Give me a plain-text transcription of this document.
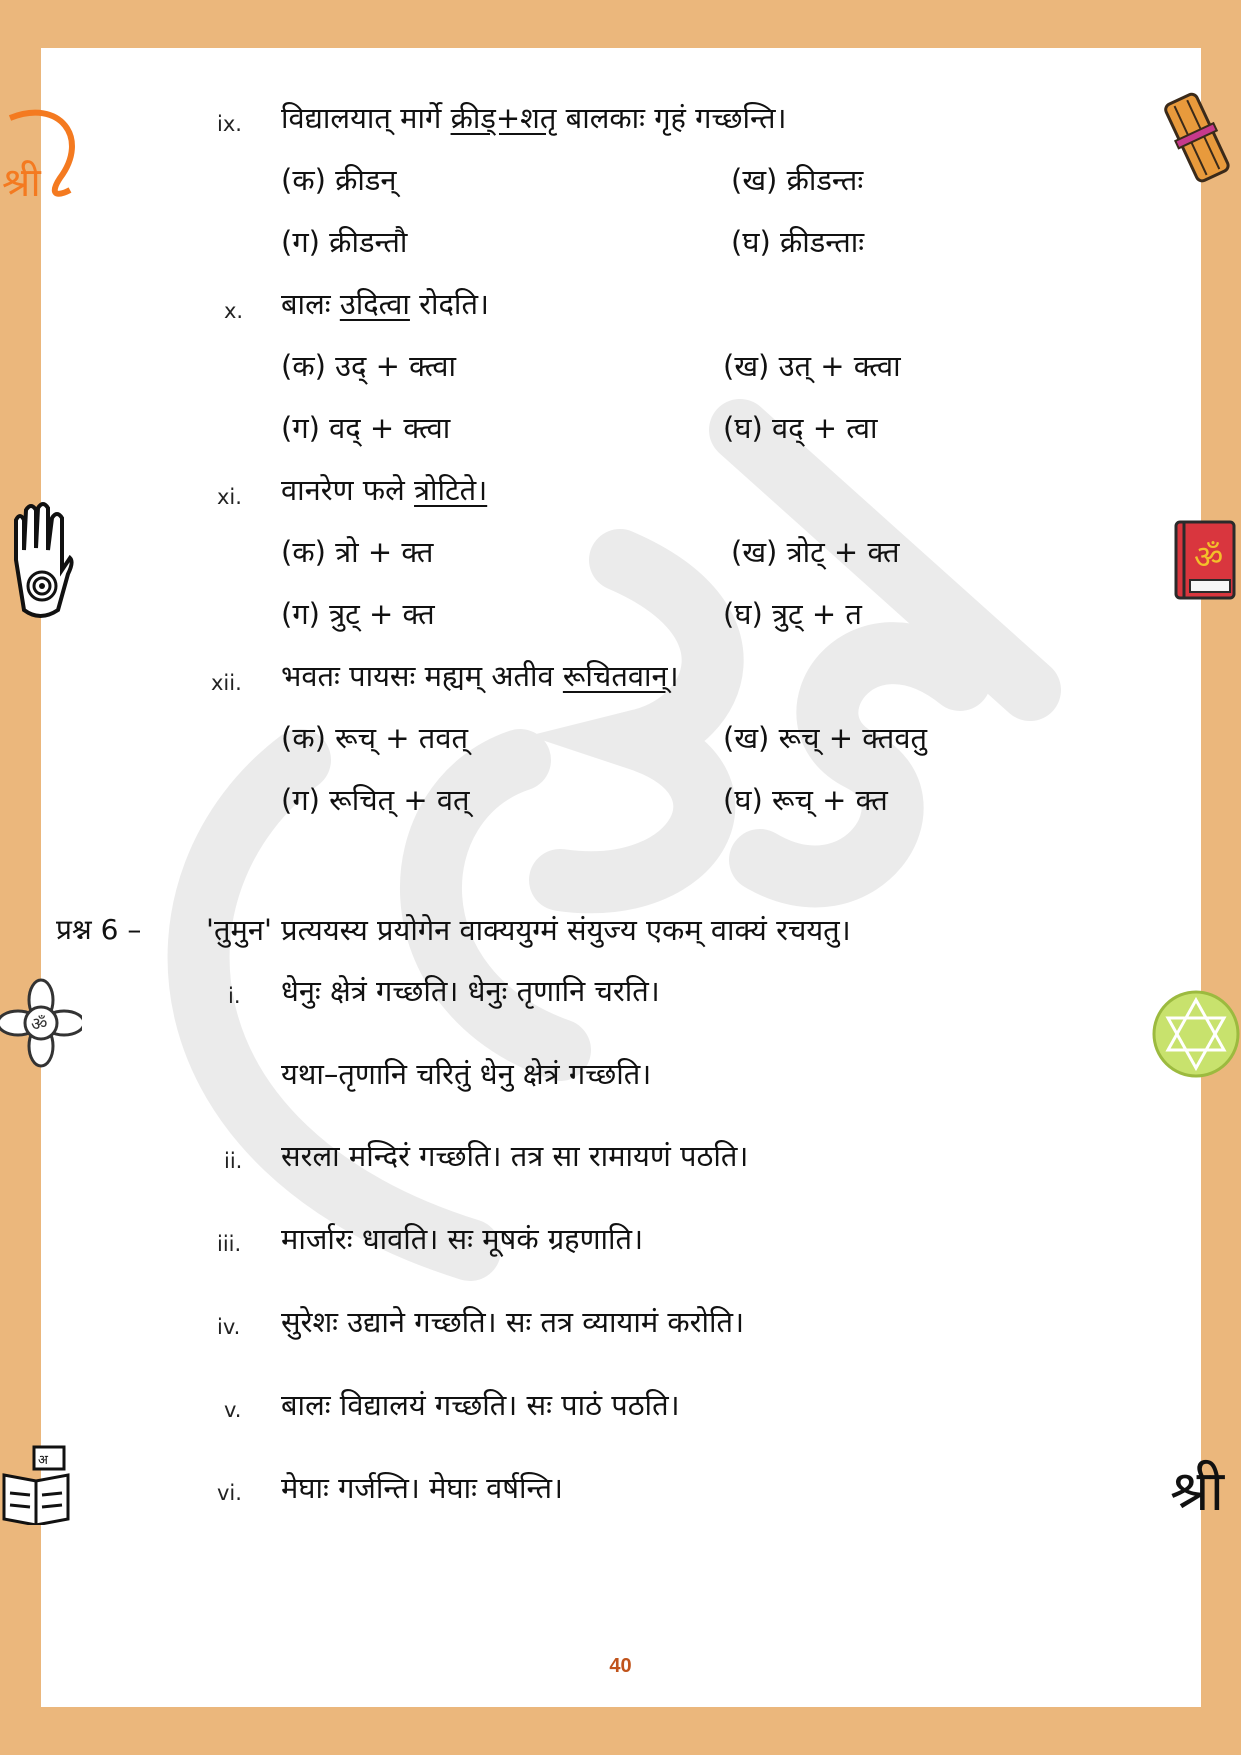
श्री
ॐ
अ
ॐ
श्री
ix. विद्यालयात् मार्गे क्रीड्+शतृ बालकाः गृहं गच्छन्ति।
(क) क्रीडन्	(ख) क्रीडन्तः
(ग) क्रीडन्तौ	(घ) क्रीडन्ताः
x. बालः उदित्वा रोदति।
(क) उद् + क्त्वा	(ख) उत् + क्त्वा
(ग) वद् + क्त्वा	(घ) वद् + त्वा
xi. वानरेण फले त्रोटिते।
(क) त्रो + क्त	(ख) त्रोट् + क्त
(ग) त्रुट् + क्त	(घ) त्रुट् + त
xii. भवतः पायसः मह्यम् अतीव रूचितवान्।
(क) रूच् + तवत्	(ख) रूच् + क्तवतु
(ग) रूचित् + वत्	(घ) रूच् + क्त
प्रश्न 6 – 'तुमुन' प्रत्ययस्य प्रयोगेन वाक्ययुग्मं संयुज्य एकम् वाक्यं रचयतु।
i. धेनुः क्षेत्रं गच्छति। धेनुः तृणानि चरति।
यथा–तृणानि चरितुं धेनु क्षेत्रं गच्छति।
ii. सरला मन्दिरं गच्छति। तत्र सा रामायणं पठति।
iii. मार्जारः धावति। सः मूषकं ग्रहणाति।
iv. सुरेशः उद्याने गच्छति। सः तत्र व्यायामं करोति।
v. बालः विद्यालयं गच्छति। सः पाठं पठति।
vi. मेघाः गर्जन्ति। मेघाः वर्षन्ति।
40
